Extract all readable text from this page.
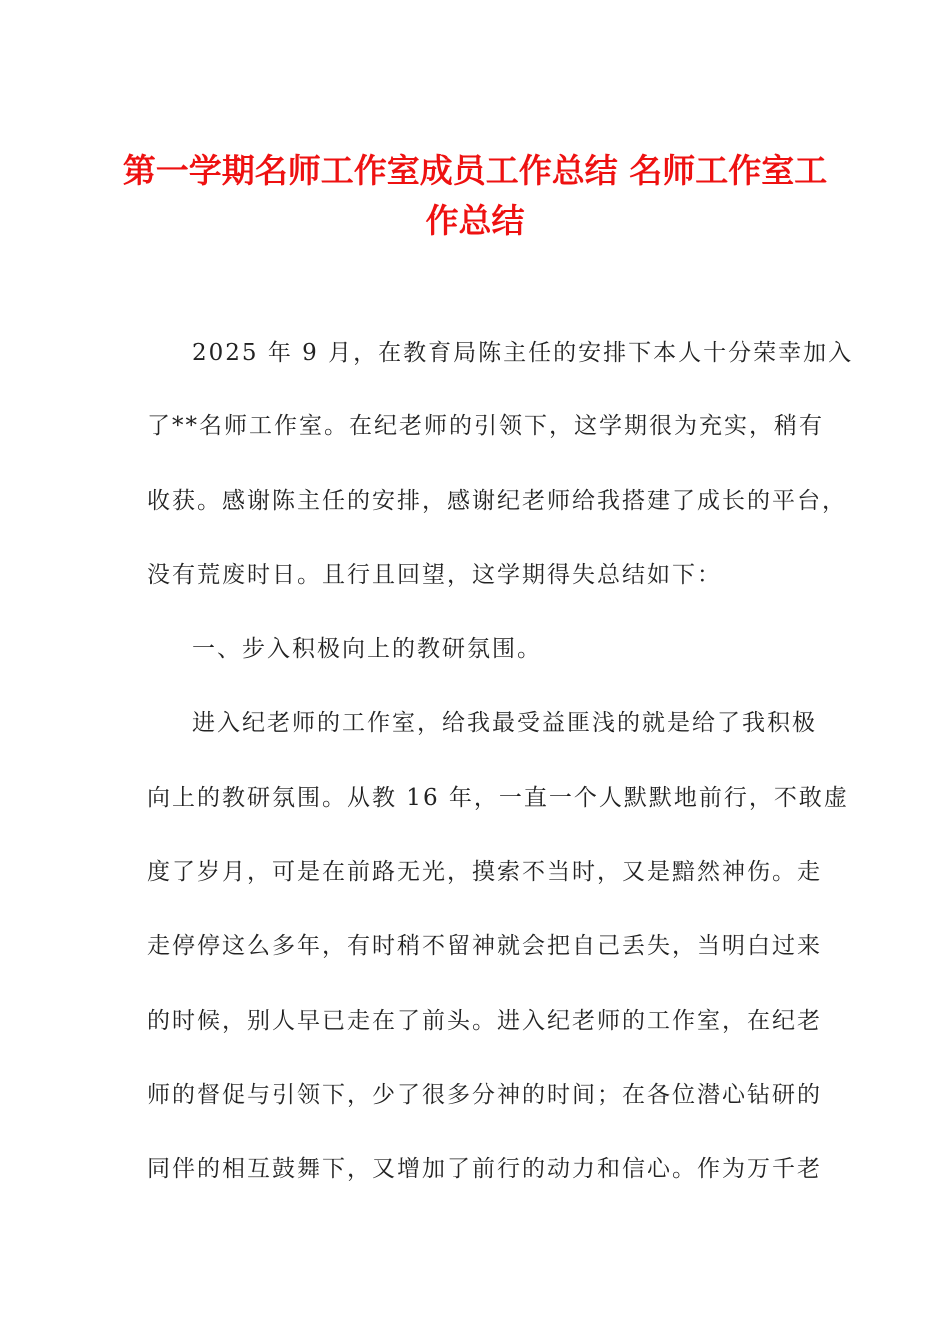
第一学期名师工作室成员工作总结 名师工作室工作总结

2025 年 9 月，在教育局陈主任的安排下本人十分荣幸加入

了**名师工作室。在纪老师的引领下，这学期很为充实，稍有

收获。感谢陈主任的安排，感谢纪老师给我搭建了成长的平台，

没有荒废时日。且行且回望，这学期得失总结如下：

一、步入积极向上的教研氛围。

进入纪老师的工作室，给我最受益匪浅的就是给了我积极

向上的教研氛围。从教 16 年，一直一个人默默地前行，不敢虚

度了岁月，可是在前路无光，摸索不当时，又是黯然神伤。走

走停停这么多年，有时稍不留神就会把自己丢失，当明白过来

的时候，别人早已走在了前头。进入纪老师的工作室，在纪老

师的督促与引领下，少了很多分神的时间；在各位潜心钻研的

同伴的相互鼓舞下，又增加了前行的动力和信心。作为万千老
